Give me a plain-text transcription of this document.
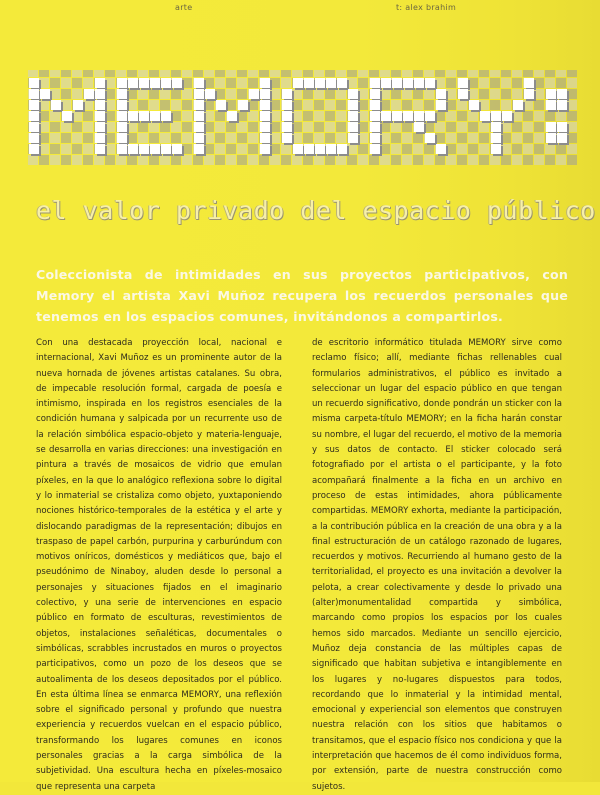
arte	t: alex brahim
el valor privado del espacio público
Coleccionista de intimidades en sus proyectos participativos, con Memory el artista Xavi Muñoz recupera los recuerdos personales que tenemos en los espacios comunes, invitándonos a compartirlos.
Con una destacada proyección local, nacional e internacional, Xavi Muñoz es un prominente autor de la nueva hornada de jóvenes artistas catalanes. Su obra, de impecable resolución formal, cargada de poesía e intimismo, inspirada en los registros esenciales de la condición humana y salpicada por un recurrente uso de la relación simbólica espacio-objeto y materia-lenguaje, se desarrolla en varias direcciones: una investigación en pintura a través de mosaicos de vidrio que emulan píxeles, en la que lo analógico reflexiona sobre lo digital y lo inmaterial se cristaliza como objeto, yuxtaponiendo nociones histórico-temporales de la estética y el arte y dislocando paradigmas de la representación; dibujos en traspaso de papel carbón, purpurina y carburúndum con motivos oníricos, domésticos y mediáticos que, bajo el pseudónimo de Ninaboy, aluden desde lo personal a personajes y situaciones fijados en el imaginario colectivo, y una serie de intervenciones en espacio público en formato de esculturas, revestimientos de objetos, instalaciones señaléticas, documentales o simbólicas, scrabbles incrustados en muros o proyectos participativos, como un pozo de los deseos que se autoalimenta de los deseos depositados por el público. En esta última línea se enmarca MEMORY, una reflexión sobre el significado personal y profundo que nuestra experiencia y recuerdos vuelcan en el espacio público, transformando los lugares comunes en iconos personales gracias a la carga simbólica de la subjetividad. Una escultura hecha en píxeles-mosaico que representa una carpeta
de escritorio informático titulada MEMORY sirve como reclamo físico; allí, mediante fichas rellenables cual formularios administrativos, el público es invitado a seleccionar un lugar del espacio público en que tengan un recuerdo significativo, donde pondrán un sticker con la misma carpeta-título MEMORY; en la ficha harán constar su nombre, el lugar del recuerdo, el motivo de la memoria y sus datos de contacto. El sticker colocado será fotografiado por el artista o el participante, y la foto acompañará finalmente a la ficha en un archivo en proceso de estas intimidades, ahora públicamente compartidas. MEMORY exhorta, mediante la participación, a la contribución pública en la creación de una obra y a la final estructuración de un catálogo razonado de lugares, recuerdos y motivos. Recurriendo al humano gesto de la territorialidad, el proyecto es una invitación a devolver la pelota, a crear colectivamente y desde lo privado una (alter)monumentalidad compartida y simbólica, marcando como propios los espacios por los cuales hemos sido marcados. Mediante un sencillo ejercicio, Muñoz deja constancia de las múltiples capas de significado que habitan subjetiva e intangiblemente en los lugares y no-lugares dispuestos para todos, recordando que lo inmaterial y la intimidad mental, emocional y experiencial son elementos que construyen nuestra relación con los sitios que habitamos o transitamos, que el espacio físico nos condiciona y que la interpretación que hacemos de él como individuos forma, por extensión, parte de nuestra construcción como sujetos.
